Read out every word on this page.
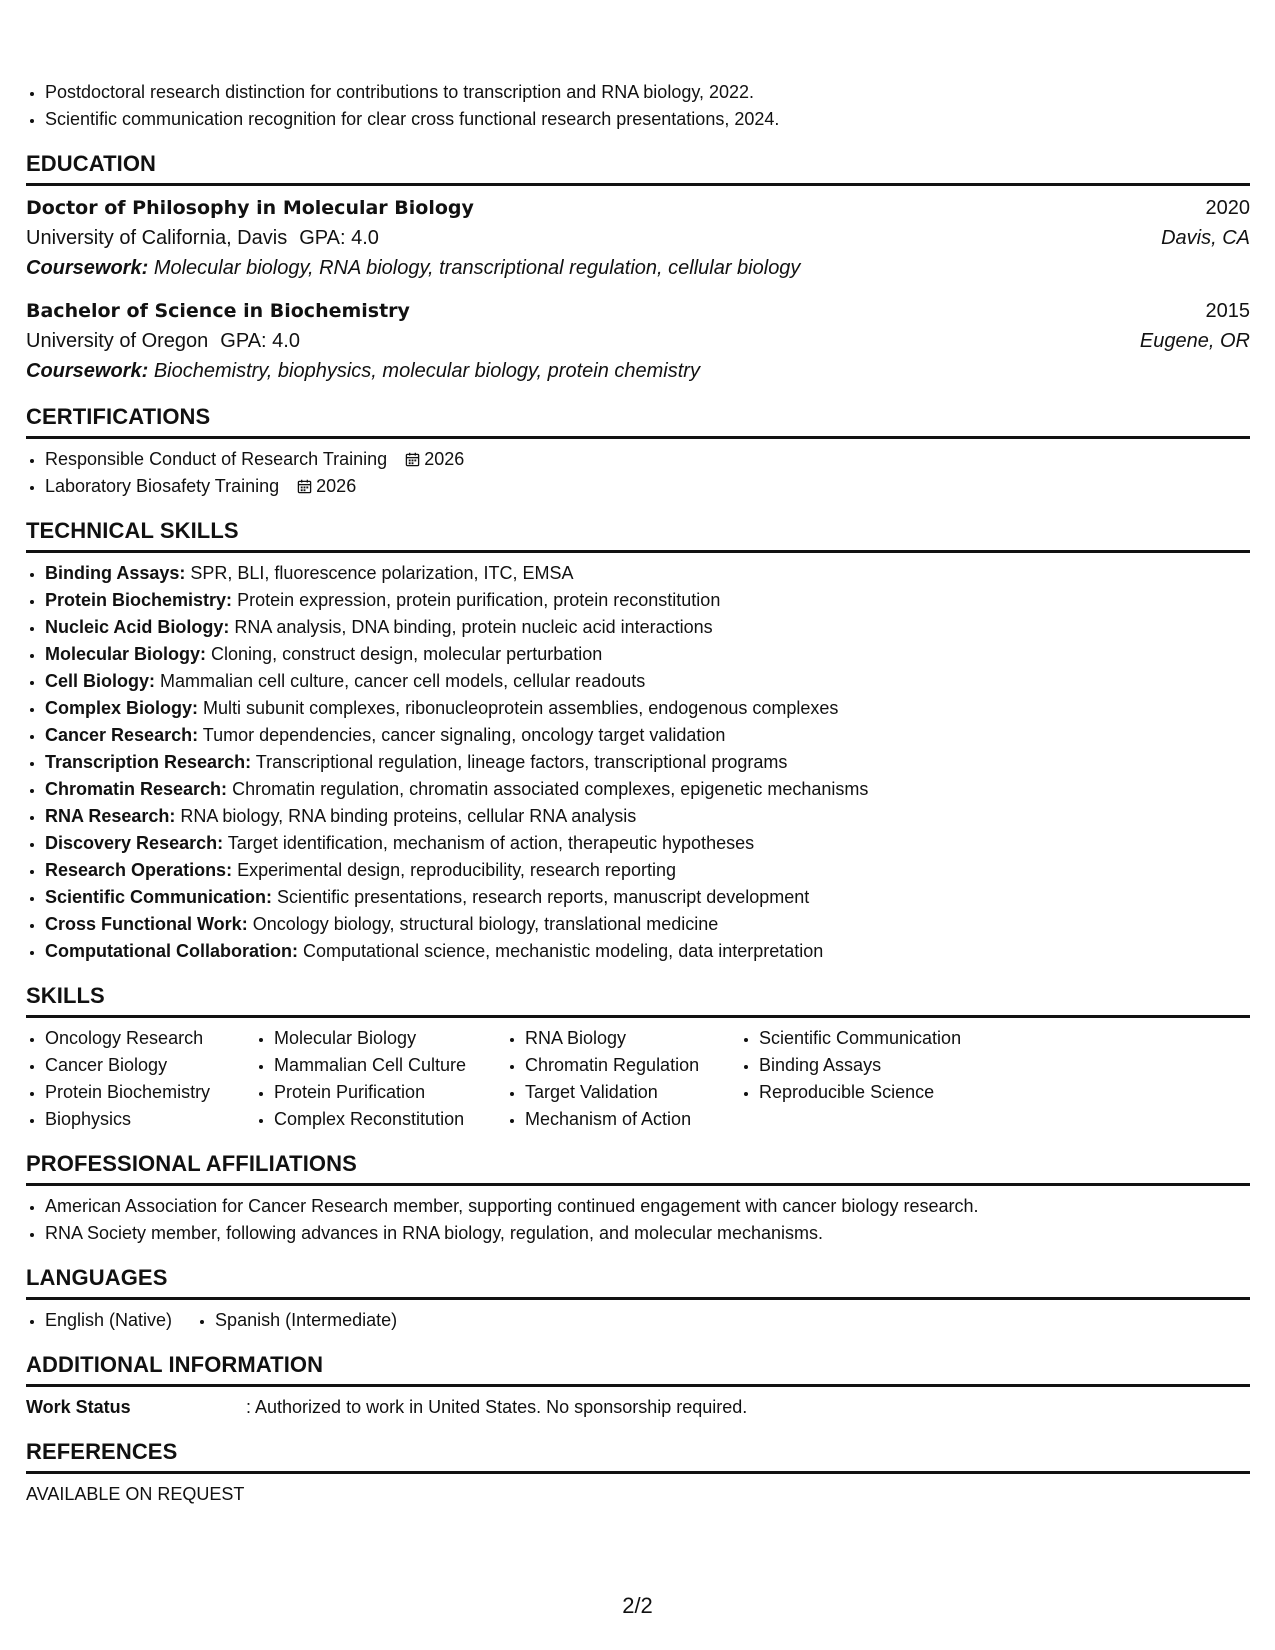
• Postdoctoral research distinction for contributions to transcription and RNA biology, 2022.
• Scientific communication recognition for clear cross functional research presentations, 2024.
EDUCATION
Doctor of Philosophy in Molecular Biology	2020
University of California, Davis GPA: 4.0	Davis, CA
Coursework: Molecular biology, RNA biology, transcriptional regulation, cellular biology
Bachelor of Science in Biochemistry	2015
University of Oregon GPA: 4.0	Eugene, OR
Coursework: Biochemistry, biophysics, molecular biology, protein chemistry
CERTIFICATIONS
• Responsible Conduct of Research Training 2026
• Laboratory Biosafety Training 2026
TECHNICAL SKILLS
• Binding Assays: SPR, BLI, fluorescence polarization, ITC, EMSA
• Protein Biochemistry: Protein expression, protein purification, protein reconstitution
• Nucleic Acid Biology: RNA analysis, DNA binding, protein nucleic acid interactions
• Molecular Biology: Cloning, construct design, molecular perturbation
• Cell Biology: Mammalian cell culture, cancer cell models, cellular readouts
• Complex Biology: Multi subunit complexes, ribonucleoprotein assemblies, endogenous complexes
• Cancer Research: Tumor dependencies, cancer signaling, oncology target validation
• Transcription Research: Transcriptional regulation, lineage factors, transcriptional programs
• Chromatin Research: Chromatin regulation, chromatin associated complexes, epigenetic mechanisms
• RNA Research: RNA biology, RNA binding proteins, cellular RNA analysis
• Discovery Research: Target identification, mechanism of action, therapeutic hypotheses
• Research Operations: Experimental design, reproducibility, research reporting
• Scientific Communication: Scientific presentations, research reports, manuscript development
• Cross Functional Work: Oncology biology, structural biology, translational medicine
• Computational Collaboration: Computational science, mechanistic modeling, data interpretation
SKILLS
• Oncology Research
• Cancer Biology
• Protein Biochemistry
• Biophysics
• Molecular Biology
• Mammalian Cell Culture
• Protein Purification
• Complex Reconstitution
• RNA Biology
• Chromatin Regulation
• Target Validation
• Mechanism of Action
• Scientific Communication
• Binding Assays
• Reproducible Science
PROFESSIONAL AFFILIATIONS
• American Association for Cancer Research member, supporting continued engagement with cancer biology research.
• RNA Society member, following advances in RNA biology, regulation, and molecular mechanisms.
LANGUAGES
• English (Native)
• Spanish (Intermediate)
ADDITIONAL INFORMATION
Work Status	: Authorized to work in United States. No sponsorship required.
REFERENCES
AVAILABLE ON REQUEST
2/2
